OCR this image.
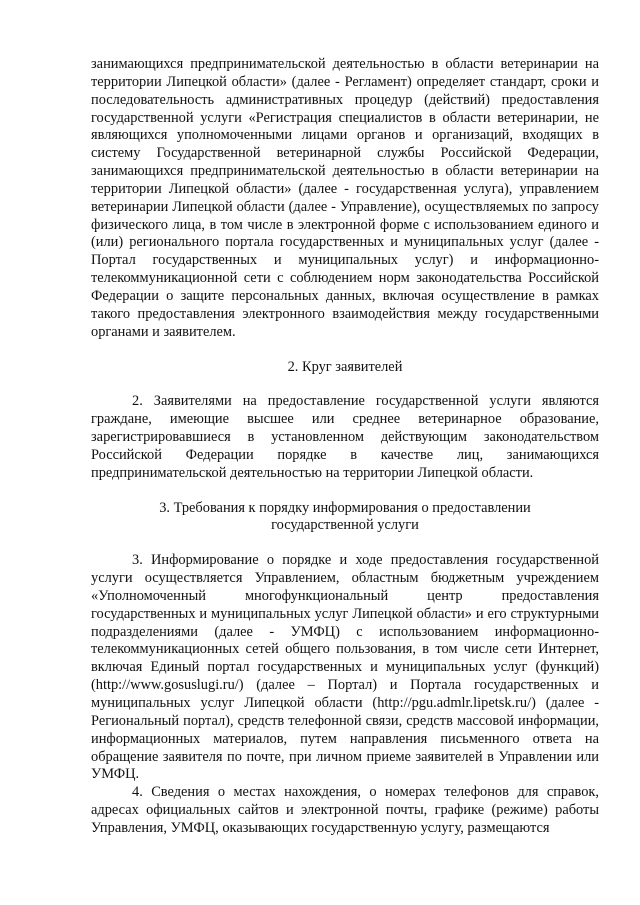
занимающихся предпринимательской деятельностью в области ветеринарии на территории Липецкой области» (далее - Регламент) определяет стандарт, сроки и последовательность административных процедур (действий) предоставления государственной услуги «Регистрация специалистов в области ветеринарии, не являющихся уполномоченными лицами органов и организаций, входящих в систему Государственной ветеринарной службы Российской Федерации, занимающихся предпринимательской деятельностью в области ветеринарии на территории Липецкой области» (далее - государственная услуга), управлением ветеринарии Липецкой области (далее - Управление), осуществляемых по запросу физического лица, в том числе в электронной форме с использованием единого и (или) регионального портала государственных и муниципальных услуг (далее - Портал государственных и муниципальных услуг) и информационно-телекоммуникационной сети с соблюдением норм законодательства Российской Федерации о защите персональных данных, включая осуществление в рамках такого предоставления электронного взаимодействия между государственными органами и заявителем.

2. Круг заявителей

2. Заявителями на предоставление государственной услуги являются граждане, имеющие высшее или среднее ветеринарное образование, зарегистрировавшиеся в установленном действующим законодательством Российской Федерации порядке в качестве лиц, занимающихся предпринимательской деятельностью на территории Липецкой области.

3. Требования к порядку информирования о предоставлении
государственной услуги

3. Информирование о порядке и ходе предоставления государственной услуги осуществляется Управлением, областным бюджетным учреждением «Уполномоченный многофункциональный центр предоставления государственных и муниципальных услуг Липецкой области» и его структурными подразделениями (далее - УМФЦ) с использованием информационно-телекоммуникационных сетей общего пользования, в том числе сети Интернет, включая Единый портал государственных и муниципальных услуг (функций) (http://www.gosuslugi.ru/) (далее – Портал) и Портала государственных и муниципальных услуг Липецкой области (http://pgu.admlr.lipetsk.ru/) (далее - Региональный портал), средств телефонной связи, средств массовой информации, информационных материалов, путем направления письменного ответа на обращение заявителя по почте, при личном приеме заявителей в Управлении или УМФЦ.

4. Сведения о местах нахождения, о номерах телефонов для справок, адресах официальных сайтов и электронной почты, графике (режиме) работы Управления, УМФЦ, оказывающих государственную услугу, размещаются
